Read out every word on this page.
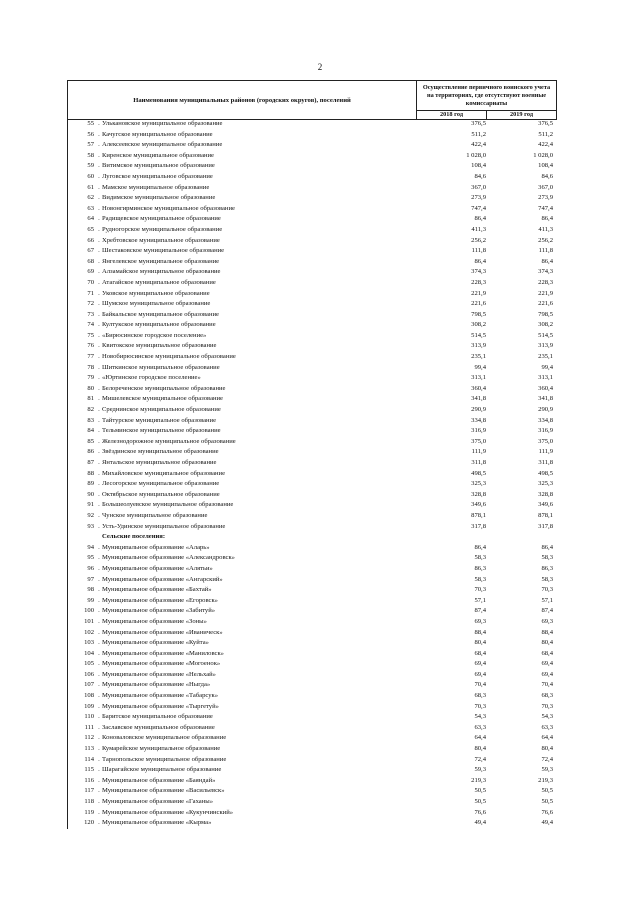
2
Наименования муниципальных районов (городских округов), поселений
Осуществление первичного воинского учета на территориях, где отсутствуют военные комиссариаты
2018 год	2019 год
55 . Улькановское муниципальное образование	376,5	376,5
56 . Качугское муниципальное образование	511,2	511,2
57 . Алексеевское муниципальное образование	422,4	422,4
58 . Киренское муниципальное образование	1 028,0	1 028,0
59 . Витимское муниципальное образование	108,4	108,4
60 . Луговское муниципальное образование	84,6	84,6
61 . Мамское муниципальное образование	367,0	367,0
62 . Видимское муниципальное образование	273,9	273,9
63 . Новонгирминское муниципальное образование	747,4	747,4
64 . Радищевское муниципальное образование	86,4	86,4
65 . Рудногорское муниципальное образование	411,3	411,3
66 . Хребтовское муниципальное образование	256,2	256,2
67 . Шестаковское муниципальное образование	111,8	111,8
68 . Янгелевское муниципальное образование	86,4	86,4
69 . Алзамайское муниципальное образование	374,3	374,3
70 . Атагайское муниципальное образование	228,3	228,3
71 . Уковское муниципальное образование	221,9	221,9
72 . Шумское муниципальное образование	221,6	221,6
73 . Байкальское муниципальное образование	798,5	798,5
74 . Култукское муниципальное образование	308,2	308,2
75 . «Бирюсинское городское поселение»	514,5	514,5
76 . Квитокское муниципальное образование	313,9	313,9
77 . Новобирюсинское муниципальное образование	235,1	235,1
78 . Шиткинское муниципальное образование	99,4	99,4
79 . «Юртинское городское поселение»	313,1	313,1
80 . Белореченское муниципальное образование	360,4	360,4
81 . Мишелевское муниципальное образование	341,8	341,8
82 . Среднинское муниципальное образование	290,9	290,9
83 . Тайтурское муниципальное образование	334,8	334,8
84 . Тельминское муниципальное образование	316,9	316,9
85 . Железнодорожное муниципальное образование	375,0	375,0
86 . Звёздинское муниципальное образование	111,9	111,9
87 . Янтальское муниципальное образование	311,8	311,8
88 . Михайловское муниципальное образование	498,5	498,5
89 . Лесогорское муниципальное образование	325,3	325,3
90 . Октябрьское муниципальное образование	328,8	328,8
91 . Большеолуевское муниципальное образование	349,6	349,6
92 . Чунское муниципальное образование	878,1	878,1
93 . Усть-Удинское муниципальное образование	317,8	317,8
Сельские поселения:
94 . Муниципальное образование «Аларь»	86,4	86,4
95 . Муниципальное образование «Александровск»	58,3	58,3
96 . Муниципальное образование «Алятьи»	86,3	86,3
97 . Муниципальное образование «Ангарский»	58,3	58,3
98 . Муниципальное образование «Бахтай»	70,3	70,3
99 . Муниципальное образование «Егоровск»	57,1	57,1
100 . Муниципальное образование «Забитуй»	87,4	87,4
101 . Муниципальное образование «Зоны»	69,3	69,3
102 . Муниципальное образование «Иваническ»	88,4	88,4
103 . Муниципальное образование «Куйта»	80,4	80,4
104 . Муниципальное образование «Маниловск»	68,4	68,4
105 . Муниципальное образование «Могоенок»	69,4	69,4
106 . Муниципальное образование «Нельхай»	69,4	69,4
107 . Муниципальное образование «Ныгда»	70,4	70,4
108 . Муниципальное образование «Табарсук»	68,3	68,3
109 . Муниципальное образование «Тыргетуй»	70,3	70,3
110 . Баритское муниципальное образование	54,3	54,3
111 . Заславское муниципальное образование	63,3	63,3
112 . Коноваловское муниципальное образование	64,4	64,4
113 . Кумарейское муниципальное образование	80,4	80,4
114 . Тарнопольское муниципальное образование	72,4	72,4
115 . Шарагайское муниципальное образование	59,3	59,3
116 . Муниципальное образование «Баяндай»	219,3	219,3
117 . Муниципальное образование «Васильевск»	50,5	50,5
118 . Муниципальное образование «Гаханы»	50,5	50,5
119 . Муниципальное образование «Кукунчинский»	76,6	76,6
120 . Муниципальное образование «Кырма»	49,4	49,4
